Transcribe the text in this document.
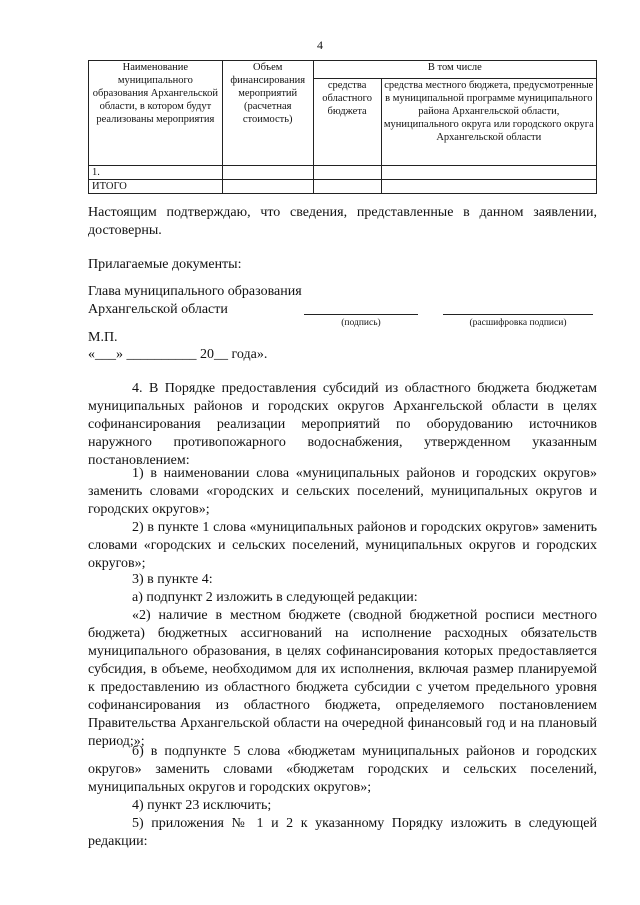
4
Наименование муниципального образования Архангельской области, в котором будут реализованы мероприятия	Объем финансирования мероприятий (расчетная стоимость)	В том числе	
		средства областного бюджета	средства местного бюджета, предусмотренные в муниципальной программе муниципального района Архангельской области, муниципального округа или городского округа Архангельской области
1.			
ИТОГО			
Настоящим подтверждаю, что сведения, представленные в данном заявлении, достоверны.
Прилагаемые документы:
Глава муниципального образования
Архангельской области
(подпись)	(расшифровка подписи)
М.П.
«___» __________ 20__ года».
4. В Порядке предоставления субсидий из областного бюджета бюджетам муниципальных районов и городских округов Архангельской области в целях софинансирования реализации мероприятий по оборудованию источников наружного противопожарного водоснабжения, утвержденном указанным постановлением:
1) в наименовании слова «муниципальных районов и городских округов» заменить словами «городских и сельских поселений, муниципальных округов и городских округов»;
2) в пункте 1 слова «муниципальных районов и городских округов» заменить словами «городских и сельских поселений, муниципальных округов и городских округов»;
3) в пункте 4:
а) подпункт 2 изложить в следующей редакции:
«2) наличие в местном бюджете (сводной бюджетной росписи местного бюджета) бюджетных ассигнований на исполнение расходных обязательств муниципального образования, в целях софинансирования которых предоставляется субсидия, в объеме, необходимом для их исполнения, включая размер планируемой к предоставлению из областного бюджета субсидии с учетом предельного уровня софинансирования из областного бюджета, определяемого постановлением Правительства Архангельской области на очередной финансовый год и на плановый период;»;
б) в подпункте 5 слова «бюджетам муниципальных районов и городских округов» заменить словами «бюджетам городских и сельских поселений, муниципальных округов и городских округов»;
4) пункт 23 исключить;
5) приложения № 1 и 2 к указанному Порядку изложить в следующей редакции:
